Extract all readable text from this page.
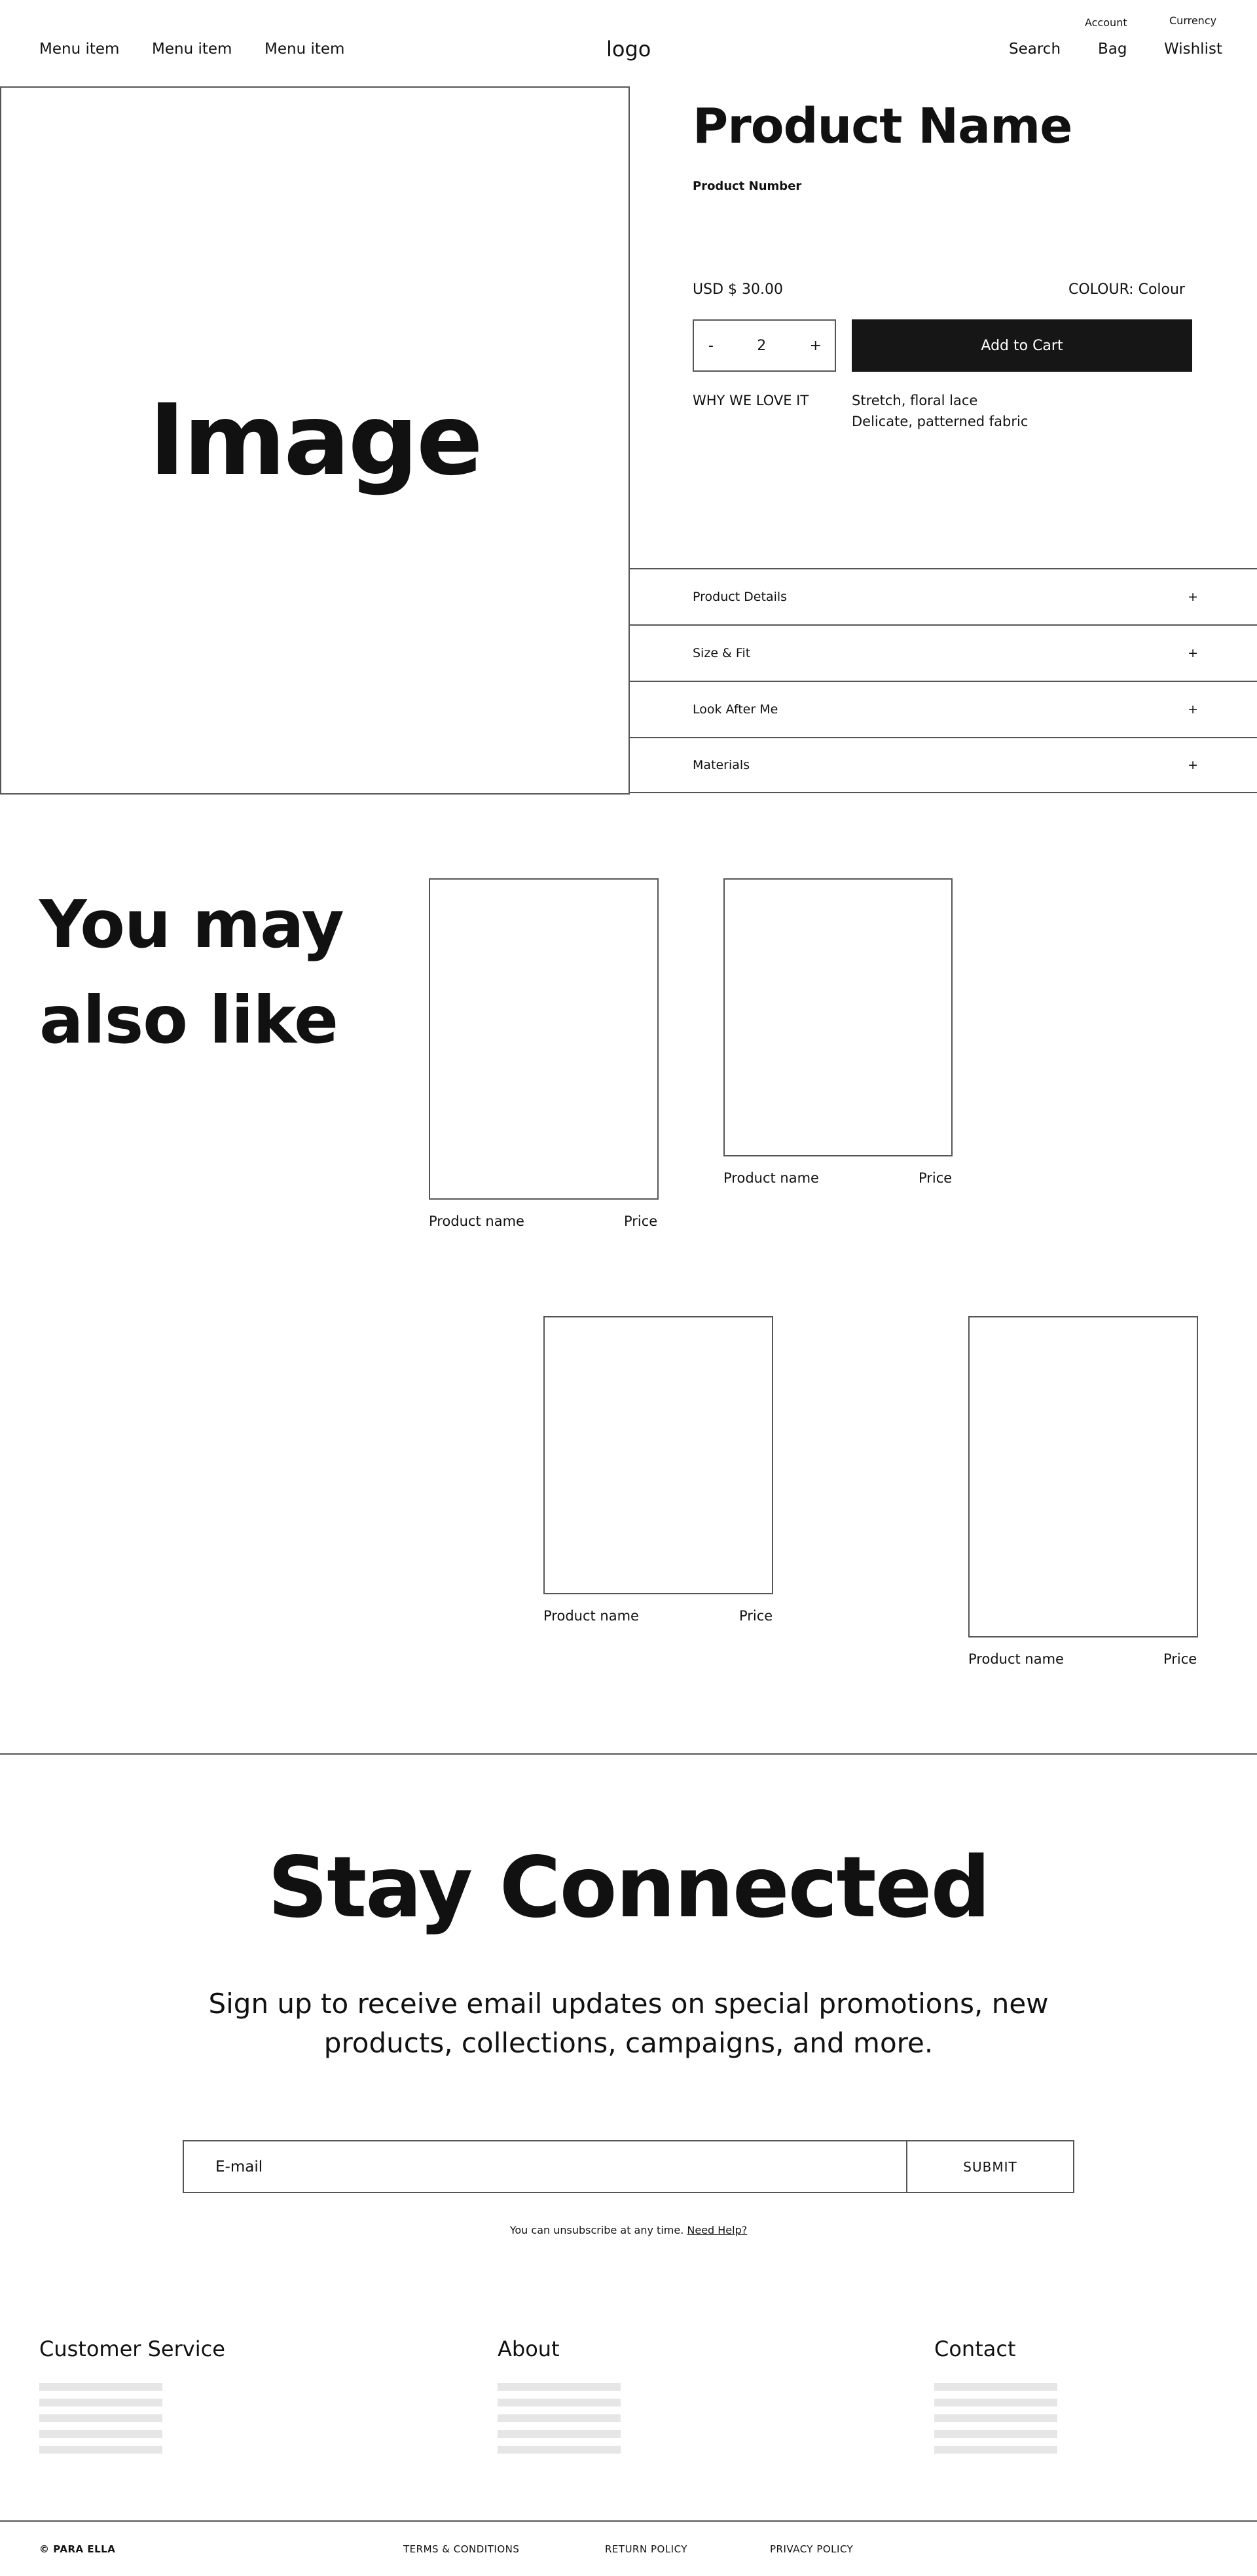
Menu item Menu item Menu item	logo
Account	Currency
Search Bag Wishlist
Image
Product Name
Product Number
USD $ 30.00	COLOUR: Colour
-	2	+	Add to Cart
WHY WE LOVE IT	Stretch, floral lace
Delicate, patterned fabric
Product Details	+
Size & Fit	+
Look After Me	+
Materials	+
You may
also like
Product name	Price
Product name	Price
Product name	Price
Product name	Price
Stay Connected
Sign up to receive email updates on special promotions, new
products, collections, campaigns, and more.
E-mail	SUBMIT
You can unsubscribe at any time. Need Help?
Customer Service	About	Contact
© PARA ELLA	TERMS & CONDITIONS	RETURN POLICY	PRIVACY POLICY
